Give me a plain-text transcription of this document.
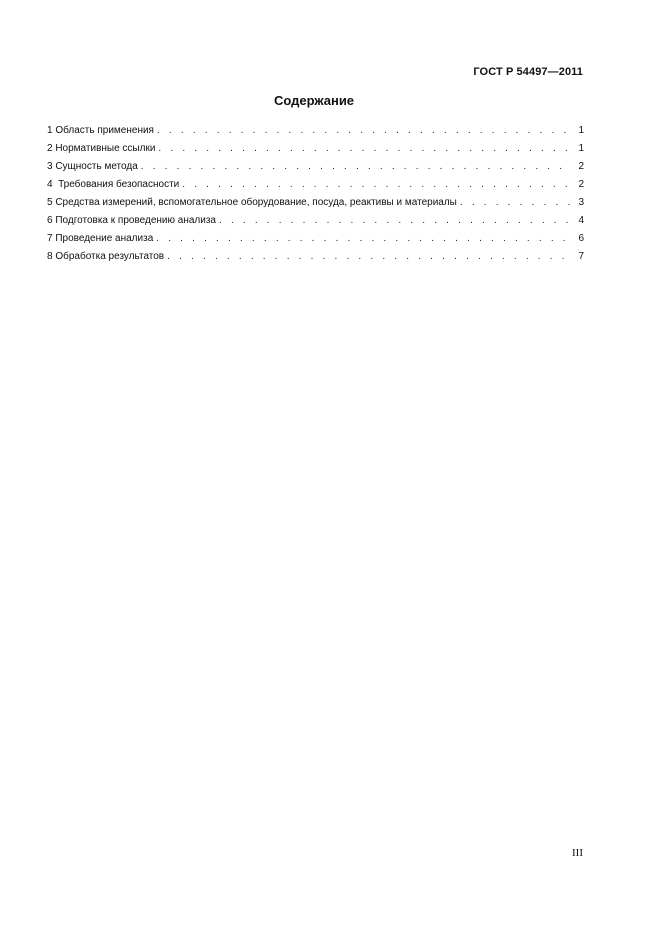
ГОСТ Р 54497—2011
Содержание
1 Область применения . . .	1
2 Нормативные ссылки . . .	1
3 Сущность метода . . .	2
4  Требования безопасности . . .	2
5 Средства измерений, вспомогательное оборудование, посуда, реактивы и материалы . . .	3
6 Подготовка к проведению анализа . . .	4
7 Проведение анализа . . .	6
8 Обработка результатов . . .	7
III
